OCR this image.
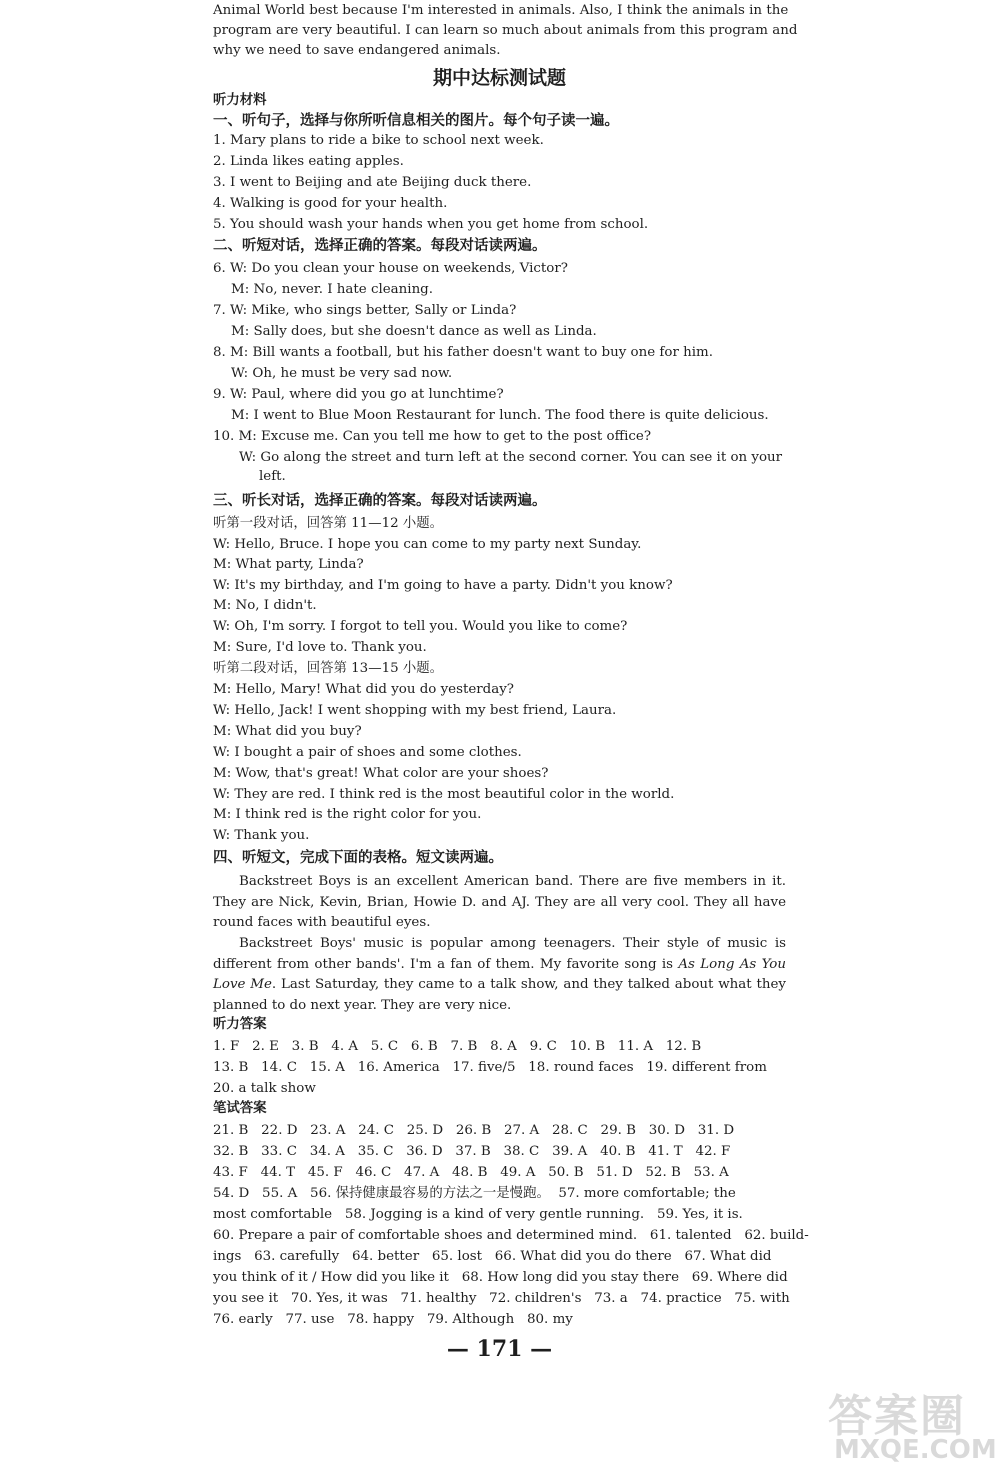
Animal World best because I'm interested in animals. Also, I think the animals in the
program are very beautiful. I can learn so much about animals from this program and
why we need to save endangered animals.
期中达标测试题
听力材料
一、听句子，选择与你所听信息相关的图片。每个句子读一遍。
1. Mary plans to ride a bike to school next week.
2. Linda likes eating apples.
3. I went to Beijing and ate Beijing duck there.
4. Walking is good for your health.
5. You should wash your hands when you get home from school.
二、听短对话，选择正确的答案。每段对话读两遍。
6. W: Do you clean your house on weekends, Victor?
M: No, never. I hate cleaning.
7. W: Mike, who sings better, Sally or Linda?
M: Sally does, but she doesn't dance as well as Linda.
8. M: Bill wants a football, but his father doesn't want to buy one for him.
W: Oh, he must be very sad now.
9. W: Paul, where did you go at lunchtime?
M: I went to Blue Moon Restaurant for lunch. The food there is quite delicious.
10. M: Excuse me. Can you tell me how to get to the post office?
W: Go along the street and turn left at the second corner. You can see it on your
left.
三、听长对话，选择正确的答案。每段对话读两遍。
听第一段对话，回答第 11—12 小题。
W: Hello, Bruce. I hope you can come to my party next Sunday.
M: What party, Linda?
W: It's my birthday, and I'm going to have a party. Didn't you know?
M: No, I didn't.
W: Oh, I'm sorry. I forgot to tell you. Would you like to come?
M: Sure, I'd love to. Thank you.
听第二段对话，回答第 13—15 小题。
M: Hello, Mary! What did you do yesterday?
W: Hello, Jack! I went shopping with my best friend, Laura.
M: What did you buy?
W: I bought a pair of shoes and some clothes.
M: Wow, that's great! What color are your shoes?
W: They are red. I think red is the most beautiful color in the world.
M: I think red is the right color for you.
W: Thank you.
四、听短文，完成下面的表格。短文读两遍。
Backstreet Boys is an excellent American band. There are five members in it. They are Nick, Kevin, Brian, Howie D. and AJ. They are all very cool. They all have round faces with beautiful eyes.
Backstreet Boys' music is popular among teenagers. Their style of music is different from other bands'. I'm a fan of them. My favorite song is As Long As You Love Me. Last Saturday, they came to a talk show, and they talked about what they planned to do next year. They are very nice.
听力答案
1. F   2. E   3. B   4. A   5. C   6. B   7. B   8. A   9. C   10. B   11. A   12. B
13. B   14. C   15. A   16. America   17. five/5   18. round faces   19. different from
20. a talk show
笔试答案
21. B   22. D   23. A   24. C   25. D   26. B   27. A   28. C   29. B   30. D   31. D
32. B   33. C   34. A   35. C   36. D   37. B   38. C   39. A   40. B   41. T   42. F
43. F   44. T   45. F   46. C   47. A   48. B   49. A   50. B   51. D   52. B   53. A
54. D   55. A   56. 保持健康最容易的方法之一是慢跑。  57. more comfortable; the
most comfortable   58. Jogging is a kind of very gentle running.   59. Yes, it is.
60. Prepare a pair of comfortable shoes and determined mind.   61. talented   62. build-
ings   63. carefully   64. better   65. lost   66. What did you do there   67. What did
you think of it / How did you like it   68. How long did you stay there   69. Where did
you see it   70. Yes, it was   71. healthy   72. children's   73. a   74. practice   75. with
76. early   77. use   78. happy   79. Although   80. my
— 171 —
答案圈
MXQE.COM
